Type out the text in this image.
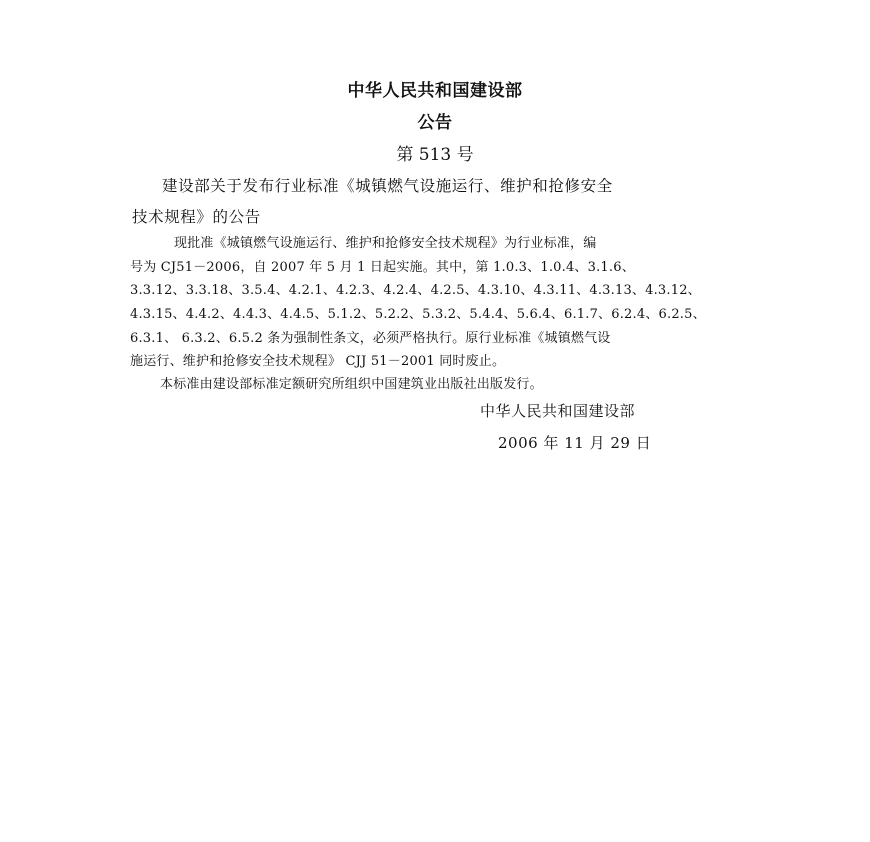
中华人民共和国建设部
公告
第 513 号
建设部关于发布行业标准《城镇燃气设施运行、维护和抢修安全
技术规程》的公告
现批准《城镇燃气设施运行、维护和抢修安全技术规程》为行业标准，编
号为 CJ51－2006，自 2007 年 5 月 1 日起实施。其中，第 1.0.3、1.0.4、3.1.6、
3.3.12、3.3.18、3.5.4、4.2.1、4.2.3、4.2.4、4.2.5、4.3.10、4.3.11、4.3.13、4.3.12、
4.3.15、4.4.2、4.4.3、4.4.5、5.1.2、5.2.2、5.3.2、5.4.4、5.6.4、6.1.7、6.2.4、6.2.5、
6.3.1、 6.3.2、6.5.2 条为强制性条文，必须严格执行。原行业标准《城镇燃气设
施运行、维护和抢修安全技术规程》 CJJ 51－2001 同时废止。
本标准由建设部标准定额研究所组织中国建筑业出版社出版发行。
中华人民共和国建设部
2006 年 11 月 29 日
